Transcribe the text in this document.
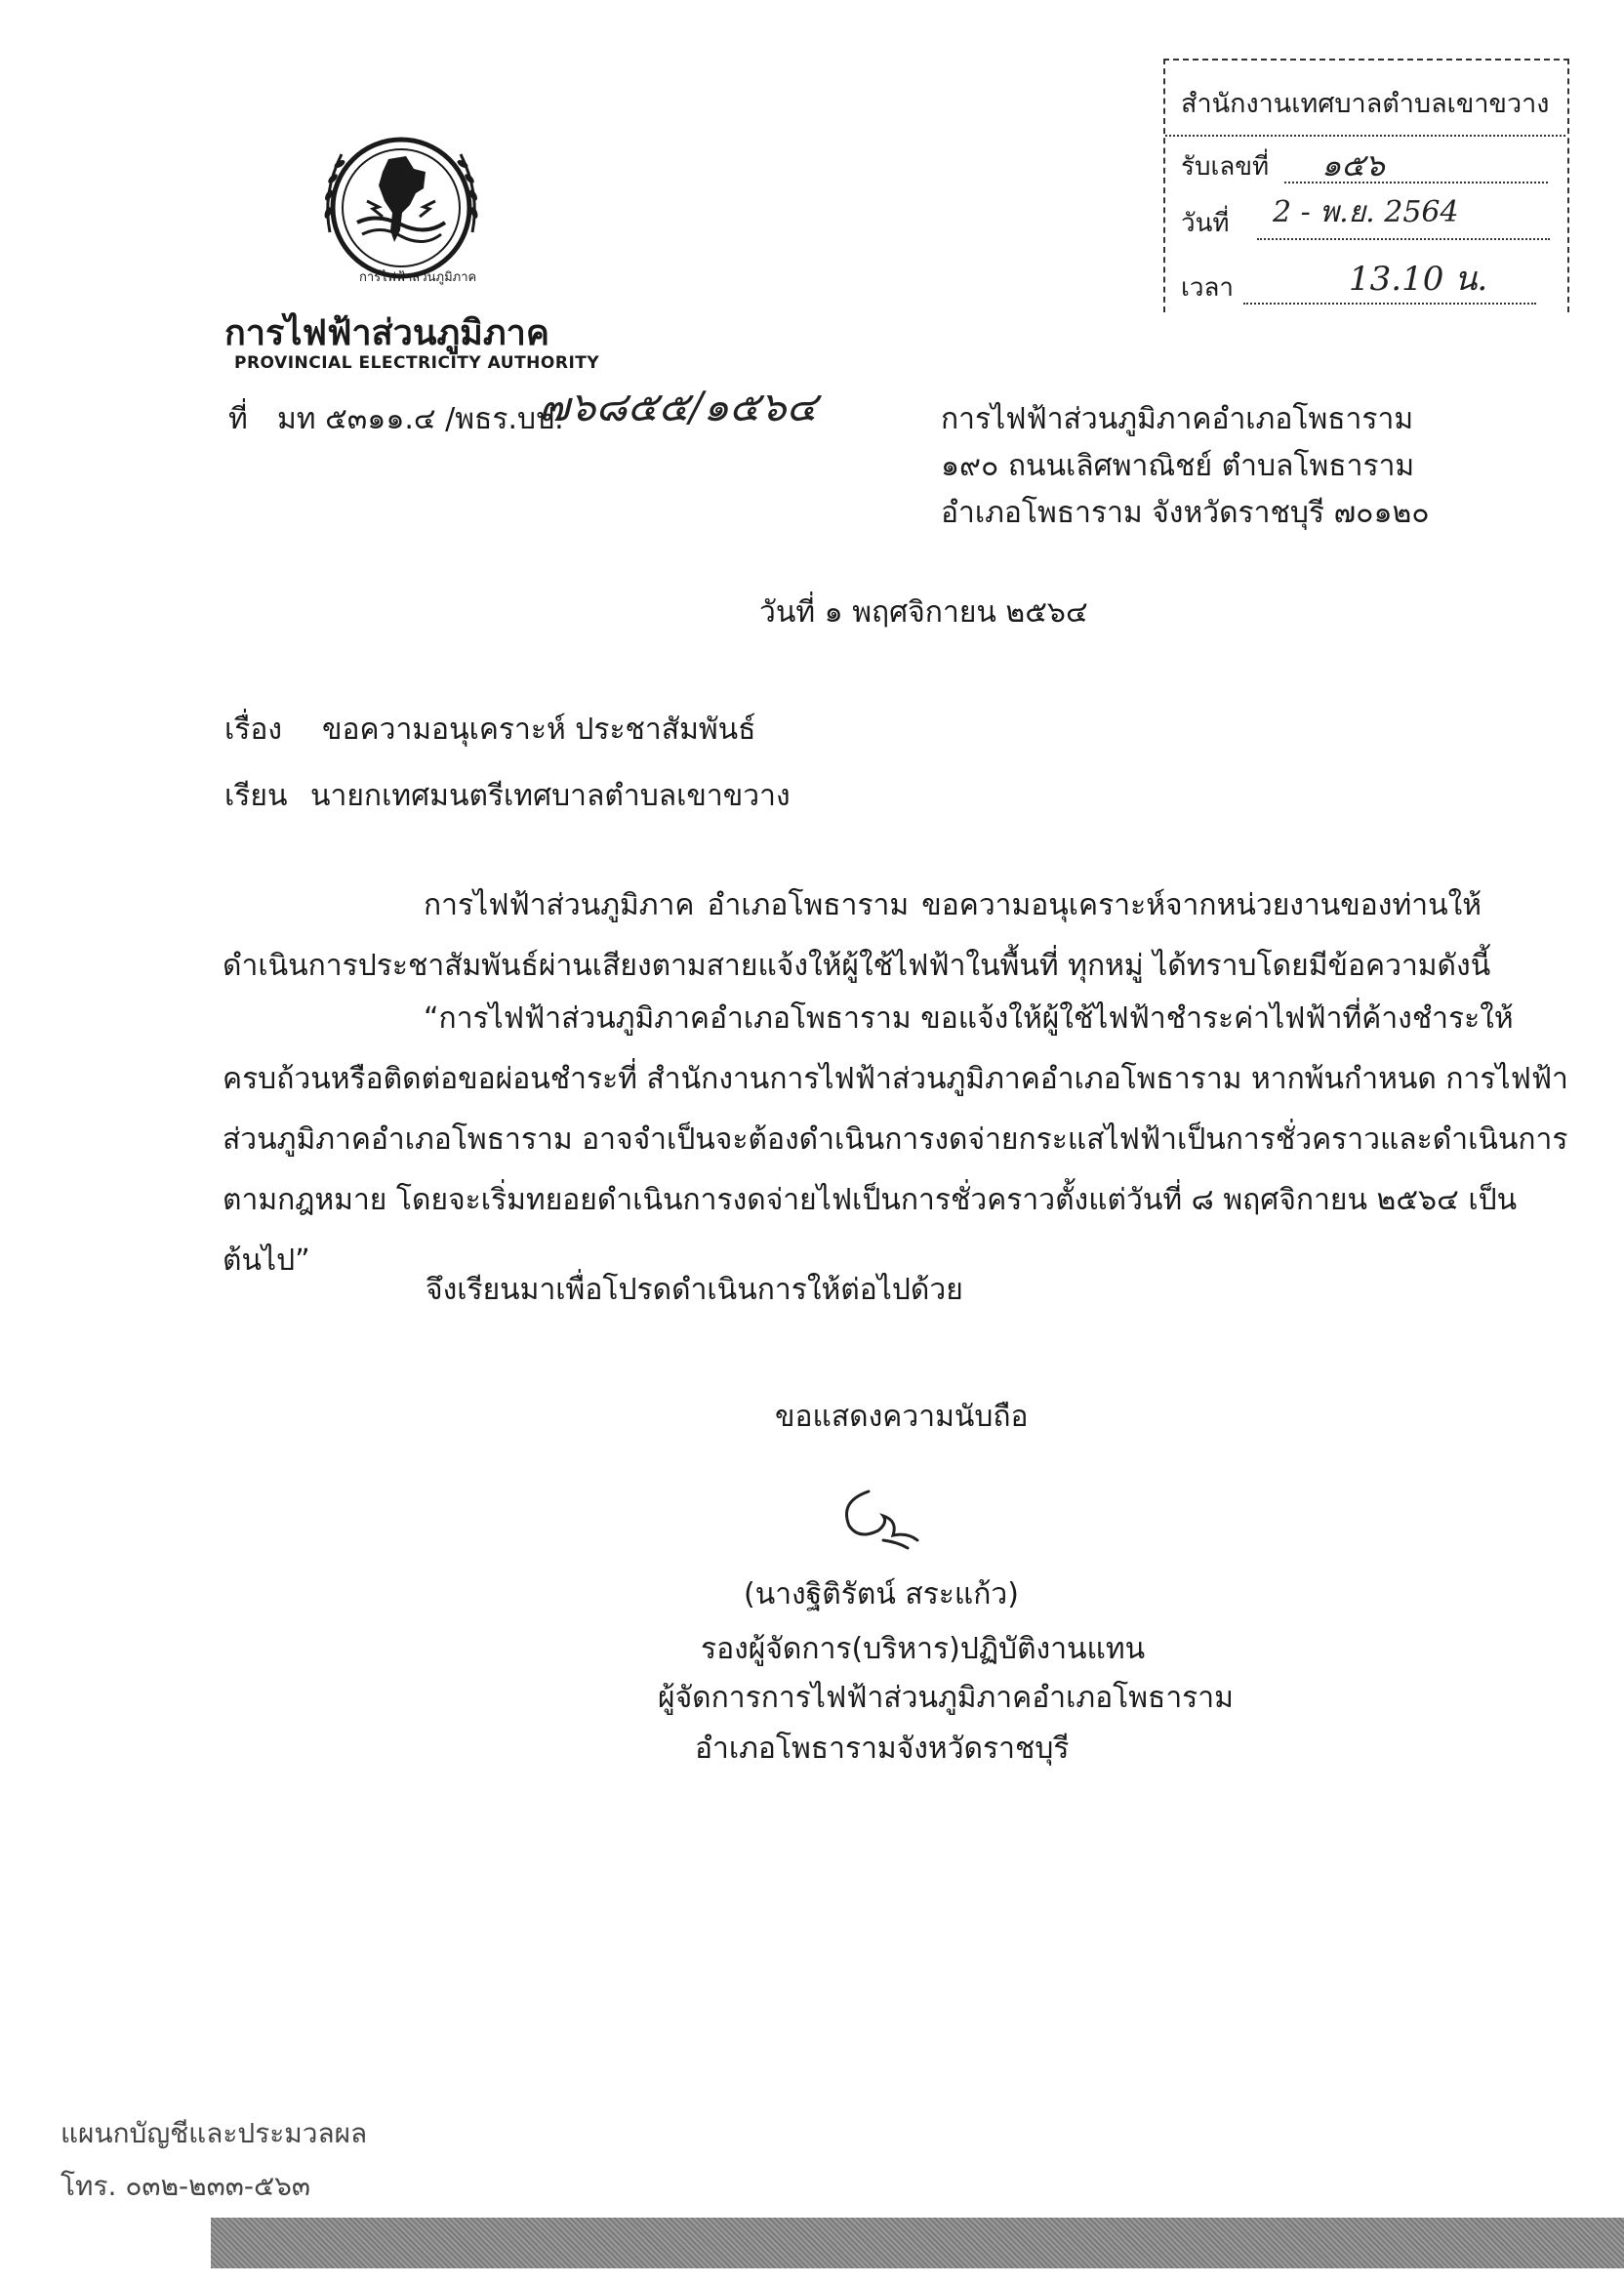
สำนักงานเทศบาลตำบลเขาขวาง
รับเลขที่ ๑๕๖
วันที่ 2 - พ.ย. 2564
เวลา	13.10 น.
การไฟฟ้าส่วนภูมิภาค
การไฟฟ้าส่วนภูมิภาค
PROVINCIAL ELECTRICITY AUTHORITY
ที่ มท ๕๓๑๑.๔ /พธร.บป.
๗๖๘๕๕/๑๕๖๔	การไฟฟ้าส่วนภูมิภาคอำเภอโพธาราม
๑๙๐ ถนนเลิศพาณิชย์ ตำบลโพธาราม
อำเภอโพธาราม จังหวัดราชบุรี ๗๐๑๒๐
วันที่ ๑ พฤศจิกายน ๒๕๖๔
เรื่อง ขอความอนุเคราะห์ ประชาสัมพันธ์
เรียน นายกเทศมนตรีเทศบาลตำบลเขาขวาง
การไฟฟ้าส่วนภูมิภาค อำเภอโพธาราม ขอความอนุเคราะห์จากหน่วยงานของท่านให้
ดำเนินการประชาสัมพันธ์ผ่านเสียงตามสายแจ้งให้ผู้ใช้ไฟฟ้าในพื้นที่ ทุกหมู่ ได้ทราบโดยมีข้อความดังนี้
“การไฟฟ้าส่วนภูมิภาคอำเภอโพธาราม ขอแจ้งให้ผู้ใช้ไฟฟ้าชำระค่าไฟฟ้าที่ค้างชำระให้
ครบถ้วนหรือติดต่อขอผ่อนชำระที่ สำนักงานการไฟฟ้าส่วนภูมิภาคอำเภอโพธาราม หากพ้นกำหนด การไฟฟ้า
ส่วนภูมิภาคอำเภอโพธาราม อาจจำเป็นจะต้องดำเนินการงดจ่ายกระแสไฟฟ้าเป็นการชั่วคราวและดำเนินการ
ตามกฎหมาย โดยจะเริ่มทยอยดำเนินการงดจ่ายไฟเป็นการชั่วคราวตั้งแต่วันที่ ๘ พฤศจิกายน ๒๕๖๔ เป็น
ต้นไป”
จึงเรียนมาเพื่อโปรดดำเนินการให้ต่อไปด้วย
ขอแสดงความนับถือ
(นางฐิติรัตน์ สระแก้ว)
รองผู้จัดการ(บริหาร)ปฏิบัติงานแทน
ผู้จัดการการไฟฟ้าส่วนภูมิภาคอำเภอโพธาราม
อำเภอโพธารามจังหวัดราชบุรี
แผนกบัญชีและประมวลผล
โทร. ๐๓๒-๒๓๓-๕๖๓
